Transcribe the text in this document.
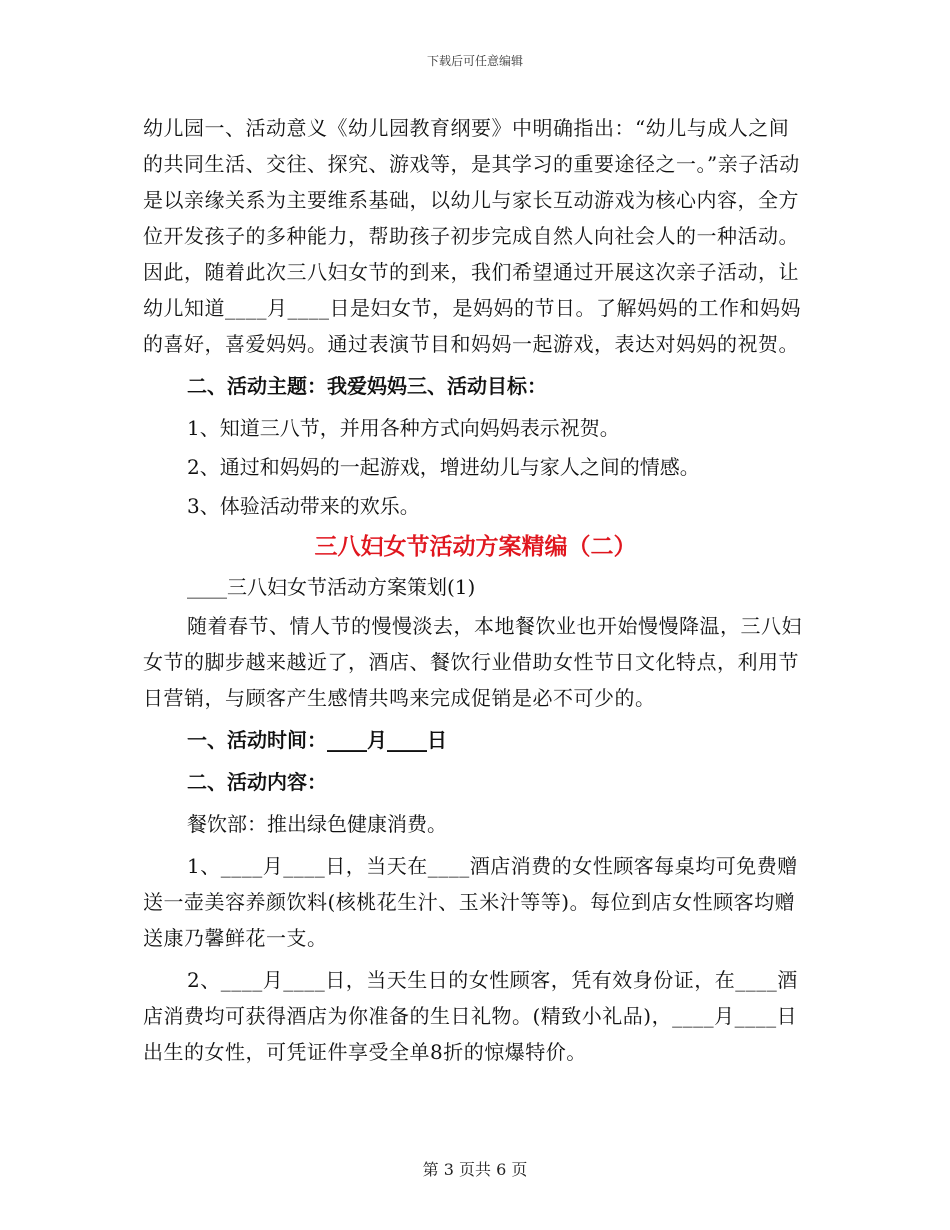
下载后可任意编辑

幼儿园一、活动意义《幼儿园教育纲要》中明确指出：“幼儿与成人之间的共同生活、交往、探究、游戏等，是其学习的重要途径之一。”亲子活动是以亲缘关系为主要维系基础，以幼儿与家长互动游戏为核心内容，全方位开发孩子的多种能力，帮助孩子初步完成自然人向社会人的一种活动。因此，随着此次三八妇女节的到来，我们希望通过开展这次亲子活动，让幼儿知道____月____日是妇女节，是妈妈的节日。了解妈妈的工作和妈妈的喜好，喜爱妈妈。通过表演节目和妈妈一起游戏，表达对妈妈的祝贺。

二、活动主题：我爱妈妈三、活动目标：

1、知道三八节，并用各种方式向妈妈表示祝贺。

2、通过和妈妈的一起游戏，增进幼儿与家人之间的情感。

3、体验活动带来的欢乐。

三八妇女节活动方案精编（二）

____三八妇女节活动方案策划(1)

随着春节、情人节的慢慢淡去，本地餐饮业也开始慢慢降温，三八妇女节的脚步越来越近了，酒店、餐饮行业借助女性节日文化特点，利用节日营销，与顾客产生感情共鸣来完成促销是必不可少的。

一、活动时间：____月____日

二、活动内容：

餐饮部：推出绿色健康消费。

1、____月____日，当天在____酒店消费的女性顾客每桌均可免费赠送一壶美容养颜饮料(核桃花生汁、玉米汁等等)。每位到店女性顾客均赠送康乃馨鲜花一支。

2、____月____日，当天生日的女性顾客，凭有效身份证，在____酒店消费均可获得酒店为你准备的生日礼物。(精致小礼品)，____月____日出生的女性，可凭证件享受全单8折的惊爆特价。

第 3 页共 6 页
